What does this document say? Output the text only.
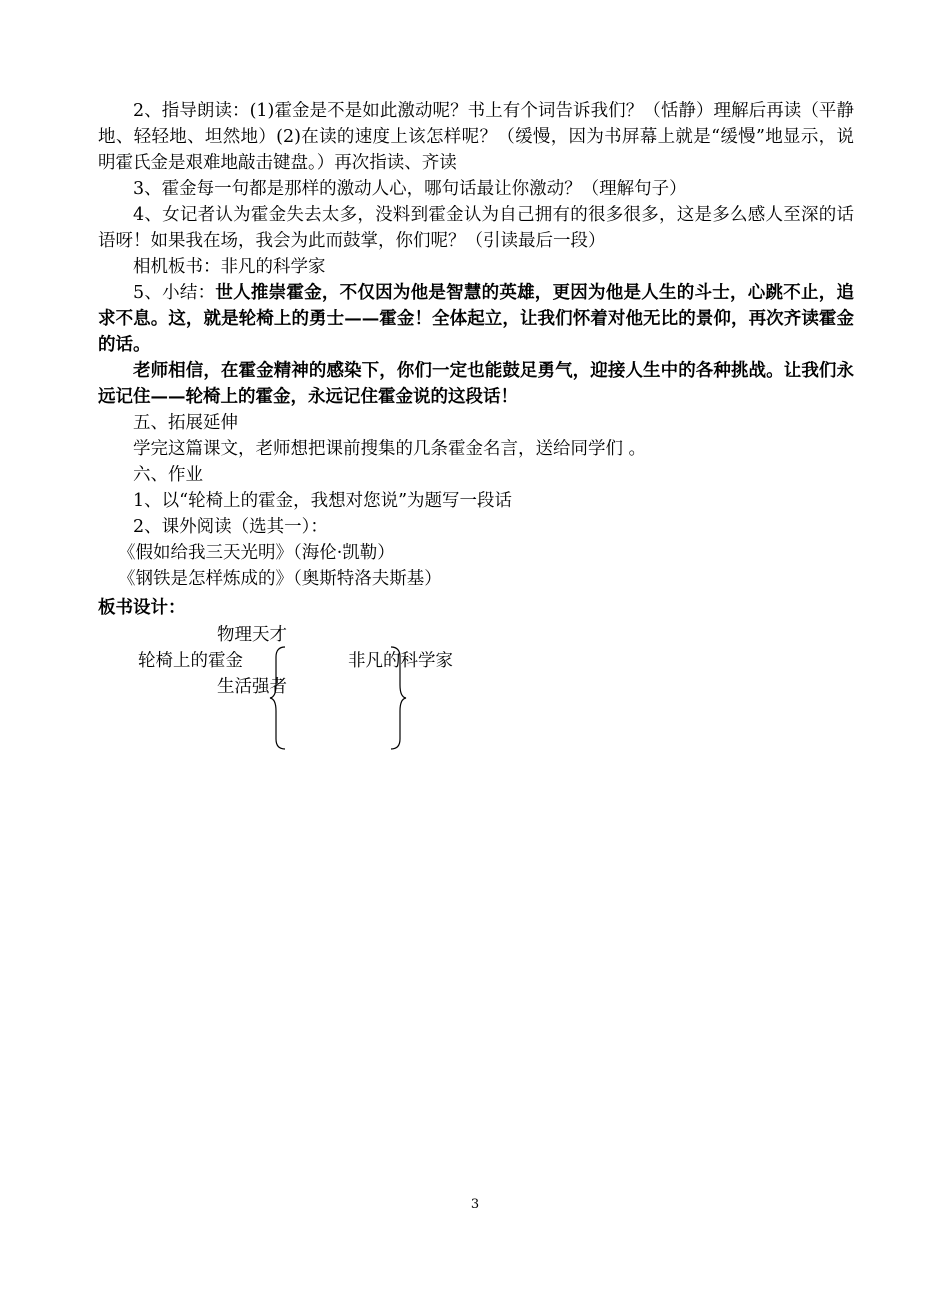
2、指导朗读：(1)霍金是不是如此激动呢？书上有个词告诉我们？（恬静）理解后再读（平静地、轻轻地、坦然地）(2)在读的速度上该怎样呢？（缓慢，因为书屏幕上就是“缓慢”地显示，说明霍氏金是艰难地敲击键盘。）再次指读、齐读

3、霍金每一句都是那样的激动人心，哪句话最让你激动？（理解句子）

4、女记者认为霍金失去太多，没料到霍金认为自己拥有的很多很多，这是多么感人至深的话语呀！如果我在场，我会为此而鼓掌，你们呢？（引读最后一段）

相机板书：非凡的科学家

5、小结：世人推崇霍金，不仅因为他是智慧的英雄，更因为他是人生的斗士，心跳不止，追求不息。这，就是轮椅上的勇士——霍金！全体起立，让我们怀着对他无比的景仰，再次齐读霍金的话。

老师相信，在霍金精神的感染下，你们一定也能鼓足勇气，迎接人生中的各种挑战。让我们永远记住——轮椅上的霍金，永远记住霍金说的这段话！

五、拓展延伸

学完这篇课文，老师想把课前搜集的几条霍金名言，送给同学们 。

六、作业

1、以“轮椅上的霍金，我想对您说”为题写一段话

2、课外阅读（选其一）：

《假如给我三天光明》（海伦·凯勒）

《钢铁是怎样炼成的》（奥斯特洛夫斯基）

板书设计：

物理天才
轮椅上的霍金	非凡的科学家
生活强者
3
